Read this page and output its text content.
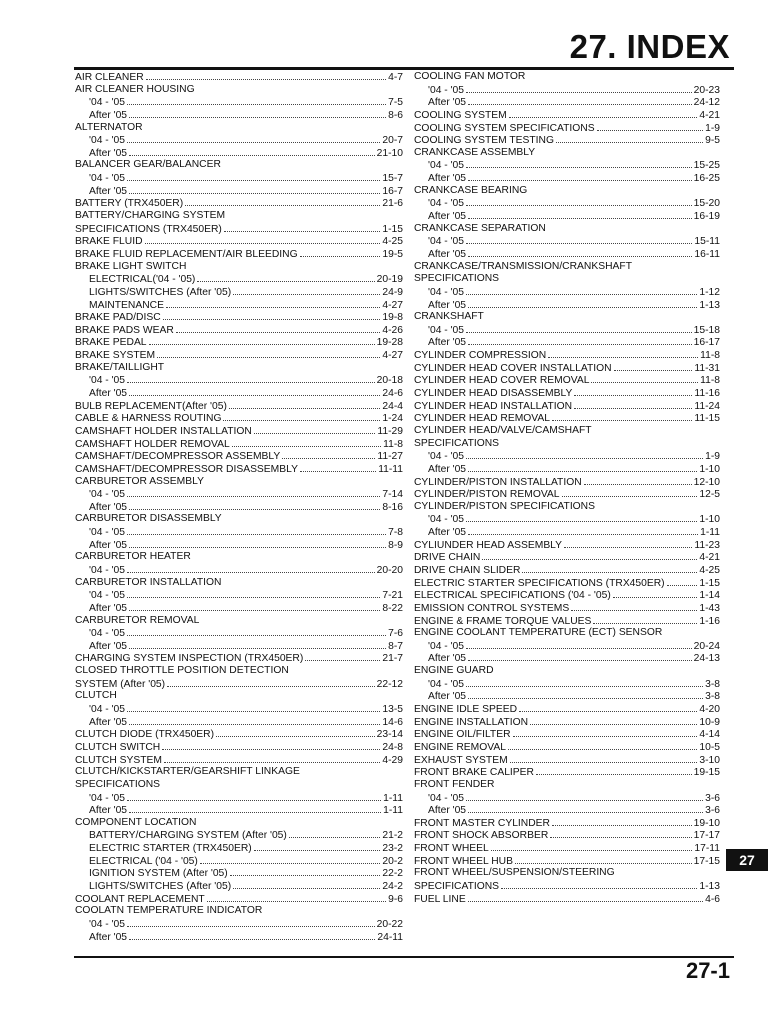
27. INDEX
AIR CLEANER	4-7
AIR CLEANER HOUSING
'04 - '05	7-5
After '05	8-6
ALTERNATOR
'04 - '05	20-7
After '05	21-10
BALANCER GEAR/BALANCER
'04 - '05	15-7
After '05	16-7
BATTERY (TRX450ER)	21-6
BATTERY/CHARGING SYSTEM
SPECIFICATIONS (TRX450ER)	1-15
BRAKE FLUID	4-25
BRAKE FLUID REPLACEMENT/AIR BLEEDING	19-5
BRAKE LIGHT SWITCH
ELECTRICAL('04 - '05)	20-19
LIGHTS/SWITCHES (After '05)	24-9
MAINTENANCE	4-27
BRAKE PAD/DISC	19-8
BRAKE PADS WEAR	4-26
BRAKE PEDAL	19-28
BRAKE SYSTEM	4-27
BRAKE/TAILLIGHT
'04 - '05	20-18
After '05	24-6
BULB REPLACEMENT(After '05)	24-4
CABLE & HARNESS ROUTING	1-24
CAMSHAFT HOLDER INSTALLATION	11-29
CAMSHAFT HOLDER REMOVAL	11-8
CAMSHAFT/DECOMPRESSOR ASSEMBLY	11-27
CAMSHAFT/DECOMPRESSOR DISASSEMBLY	11-11
CARBURETOR ASSEMBLY
'04 - '05	7-14
After '05	8-16
CARBURETOR DISASSEMBLY
'04 - '05	7-8
After '05	8-9
CARBURETOR HEATER
'04 - '05	20-20
CARBURETOR INSTALLATION
'04 - '05	7-21
After '05	8-22
CARBURETOR REMOVAL
'04 - '05	7-6
After '05	8-7
CHARGING SYSTEM INSPECTION (TRX450ER)	21-7
CLOSED THROTTLE POSITION DETECTION
SYSTEM (After '05)	22-12
CLUTCH
'04 - '05	13-5
After '05	14-6
CLUTCH DIODE (TRX450ER)	23-14
CLUTCH SWITCH	24-8
CLUTCH SYSTEM	4-29
CLUTCH/KICKSTARTER/GEARSHIFT LINKAGE
SPECIFICATIONS
'04 - '05	1-11
After '05	1-11
COMPONENT LOCATION
BATTERY/CHARGING SYSTEM (After '05)	21-2
ELECTRIC STARTER (TRX450ER)	23-2
ELECTRICAL ('04 - '05)	20-2
IGNITION SYSTEM (After '05)	22-2
LIGHTS/SWITCHES (After '05)	24-2
COOLANT REPLACEMENT	9-6
COOLATN TEMPERATURE INDICATOR
'04 - '05	20-22
After '05	24-11
COOLING FAN MOTOR
'04 - '05	20-23
After '05	24-12
COOLING SYSTEM	4-21
COOLING SYSTEM SPECIFICATIONS	1-9
COOLING SYSTEM TESTING	9-5
CRANKCASE ASSEMBLY
'04 - '05	15-25
After '05	16-25
CRANKCASE BEARING
'04 - '05	15-20
After '05	16-19
CRANKCASE SEPARATION
'04 - '05	15-11
After '05	16-11
CRANKCASE/TRANSMISSION/CRANKSHAFT
SPECIFICATIONS
'04 - '05	1-12
After '05	1-13
CRANKSHAFT
'04 - '05	15-18
After '05	16-17
CYLINDER COMPRESSION	11-8
CYLINDER HEAD COVER INSTALLATION	11-31
CYLINDER HEAD COVER REMOVAL	11-8
CYLINDER HEAD DISASSEMBLY	11-16
CYLINDER HEAD INSTALLATION	11-24
CYLINDER HEAD REMOVAL	11-15
CYLINDER HEAD/VALVE/CAMSHAFT
SPECIFICATIONS
'04 - '05	1-9
After '05	1-10
CYLINDER/PISTON INSTALLATION	12-10
CYLINDER/PISTON REMOVAL	12-5
CYLINDER/PISTON SPECIFICATIONS
'04 - '05	1-10
After '05	1-11
CYLIUNDER HEAD ASSEMBLY	11-23
DRIVE CHAIN	4-21
DRIVE CHAIN SLIDER	4-25
ELECTRIC STARTER SPECIFICATIONS (TRX450ER)	1-15
ELECTRICAL SPECIFICATIONS ('04 - '05)	1-14
EMISSION CONTROL SYSTEMS	1-43
ENGINE & FRAME TORQUE VALUES	1-16
ENGINE COOLANT TEMPERATURE (ECT) SENSOR
'04 - '05	20-24
After '05	24-13
ENGINE GUARD
'04 - '05	3-8
After '05	3-8
ENGINE IDLE SPEED	4-20
ENGINE INSTALLATION	10-9
ENGINE OIL/FILTER	4-14
ENGINE REMOVAL	10-5
EXHAUST SYSTEM	3-10
FRONT BRAKE CALIPER	19-15
FRONT FENDER
'04 - '05	3-6
After '05	3-6
FRONT MASTER CYLINDER	19-10
FRONT SHOCK ABSORBER	17-17
FRONT WHEEL	17-11
FRONT WHEEL HUB	17-15
FRONT WHEEL/SUSPENSION/STEERING
SPECIFICATIONS	1-13
FUEL LINE	4-6
27
27-1
